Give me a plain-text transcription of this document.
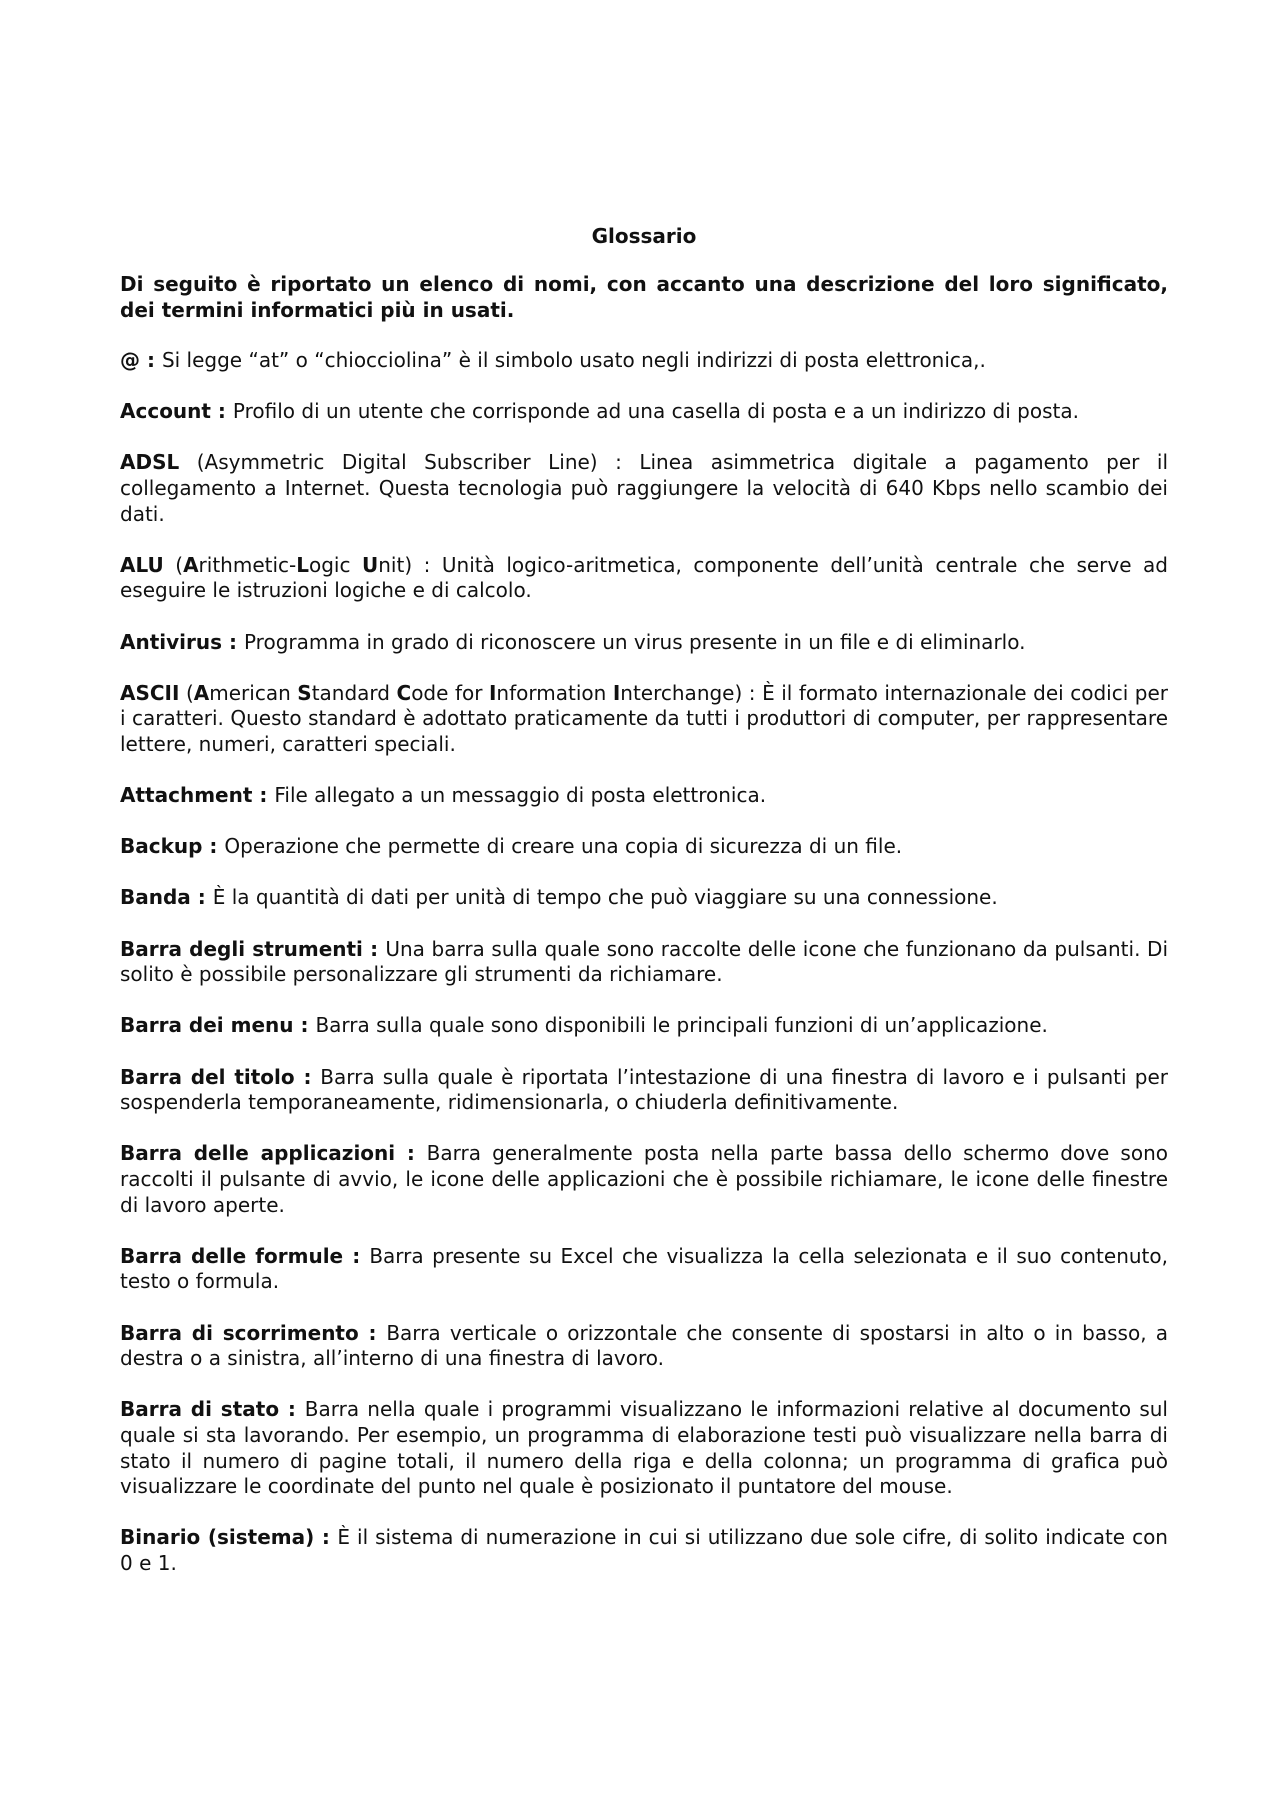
Glossario
Di seguito è riportato un elenco di nomi, con accanto una descrizione del loro significato, dei termini informatici più in usati.
@ : Si legge “at” o “chiocciolina” è il simbolo usato negli indirizzi di posta elettronica,.
Account : Profilo di un utente che corrisponde ad una casella di posta e a un indirizzo di posta.
ADSL (Asymmetric Digital Subscriber Line) : Linea asimmetrica digitale a pagamento per il collegamento a Internet. Questa tecnologia può raggiungere la velocità di 640 Kbps nello scambio dei dati.
ALU (Arithmetic-Logic Unit) : Unità logico-aritmetica, componente dell’unità centrale che serve ad eseguire le istruzioni logiche e di calcolo.
Antivirus : Programma in grado di riconoscere un virus presente in un file e di eliminarlo.
ASCII (American Standard Code for Information Interchange) : È il formato internazionale dei codici per i caratteri. Questo standard è adottato praticamente da tutti i produttori di computer, per rappresentare lettere, numeri, caratteri speciali.
Attachment : File allegato a un messaggio di posta elettronica.
Backup : Operazione che permette di creare una copia di sicurezza di un file.
Banda : È la quantità di dati per unità di tempo che può viaggiare su una connessione.
Barra degli strumenti : Una barra sulla quale sono raccolte delle icone che funzionano da pulsanti. Di solito è possibile personalizzare gli strumenti da richiamare.
Barra dei menu : Barra sulla quale sono disponibili le principali funzioni di un’applicazione.
Barra del titolo : Barra sulla quale è riportata l’intestazione di una finestra di lavoro e i pulsanti per sospenderla temporaneamente, ridimensionarla, o chiuderla definitivamente.
Barra delle applicazioni : Barra generalmente posta nella parte bassa dello schermo dove sono raccolti il pulsante di avvio, le icone delle applicazioni che è possibile richiamare, le icone delle finestre di lavoro aperte.
Barra delle formule : Barra presente su Excel che visualizza la cella selezionata e il suo contenuto, testo o formula.
Barra di scorrimento : Barra verticale o orizzontale che consente di spostarsi in alto o in basso, a destra o a sinistra, all’interno di una finestra di lavoro.
Barra di stato : Barra nella quale i programmi visualizzano le informazioni relative al documento sul quale si sta lavorando. Per esempio, un programma di elaborazione testi può visualizzare nella barra di stato il numero di pagine totali, il numero della riga e della colonna; un programma di grafica può visualizzare le coordinate del punto nel quale è posizionato il puntatore del mouse.
Binario (sistema) : È il sistema di numerazione in cui si utilizzano due sole cifre, di solito indicate con 0 e 1.
